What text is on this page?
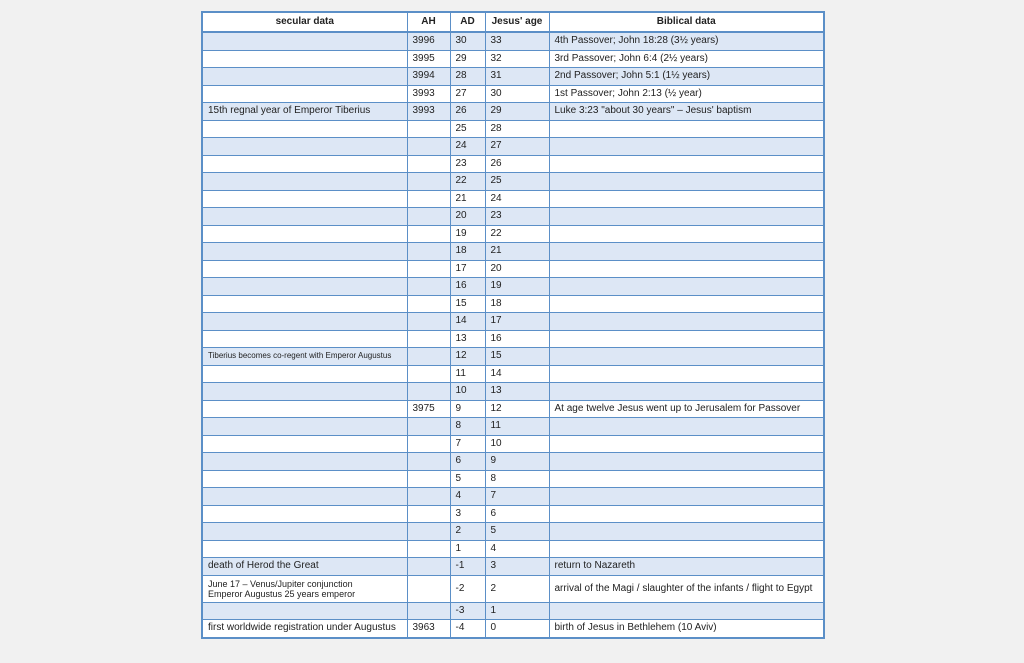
secular data	AH	AD	Jesus' age	Biblical data
	3996	30	33	4th Passover; John 18:28 (3½ years)
	3995	29	32	3rd Passover; John 6:4 (2½ years)
	3994	28	31	2nd Passover; John 5:1 (1½ years)
	3993	27	30	1st Passover; John 2:13 (½ year)
15th regnal year of Emperor Tiberius	3993	26	29	Luke 3:23 "about 30 years" – Jesus' baptism
		25	28	
		24	27	
		23	26	
		22	25	
		21	24	
		20	23	
		19	22	
		18	21	
		17	20	
		16	19	
		15	18	
		14	17	
		13	16	
Tiberius becomes co-regent with Emperor Augustus		12	15	
		11	14	
		10	13	
	3975	9	12	At age twelve Jesus went up to Jerusalem for Passover
		8	11	
		7	10	
		6	9	
		5	8	
		4	7	
		3	6	
		2	5	
		1	4	
death of Herod the Great		-1	3	return to Nazareth
June 17 – Venus/Jupiter conjunction
Emperor Augustus 25 years emperor		-2	2	arrival of the Magi / slaughter of the infants / flight to Egypt
		-3	1	
first worldwide registration under Augustus	3963	-4	0	birth of Jesus in Bethlehem (10 Aviv)
